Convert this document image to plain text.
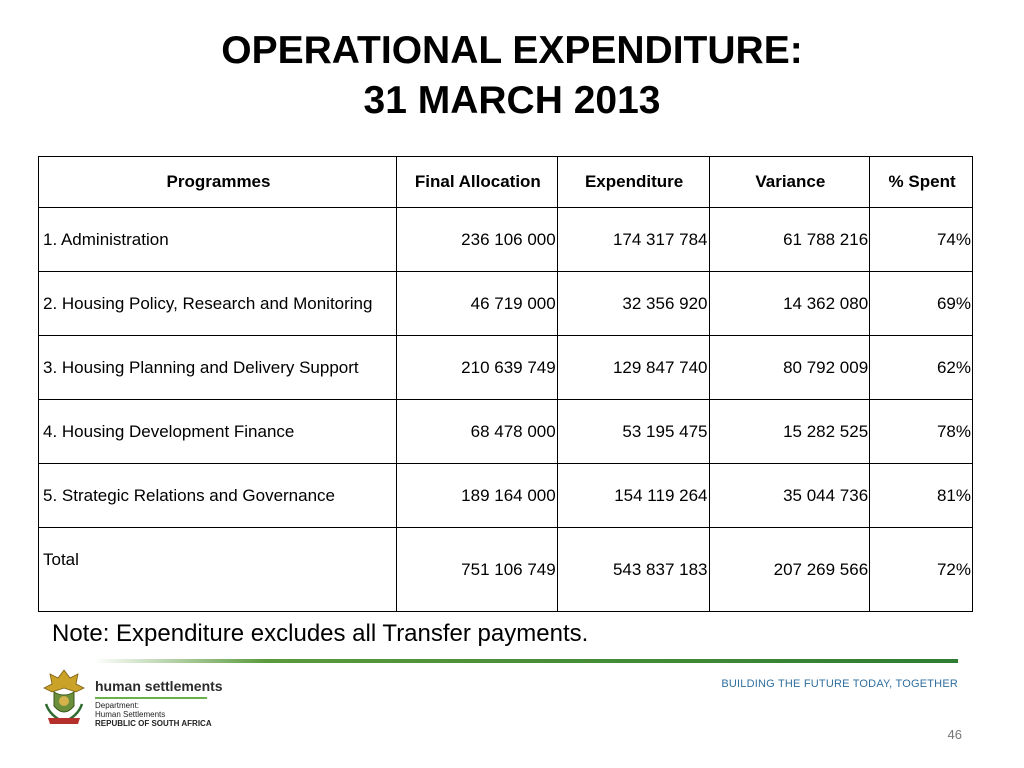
OPERATIONAL EXPENDITURE:
31 MARCH 2013
Programmes	Final Allocation	Expenditure	Variance	% Spent
1. Administration	236 106 000	174 317 784	61 788 216	74%
2. Housing Policy, Research and Monitoring	46 719 000	32 356 920	14 362 080	69%
3. Housing Planning and Delivery Support	210 639 749	129 847 740	80 792 009	62%
4. Housing Development Finance	68 478 000	53 195 475	15 282 525	78%
5. Strategic Relations and Governance	189 164 000	154 119 264	35 044 736	81%
Total	751 106 749	543 837 183	207 269 566	72%

Note: Expenditure excludes all Transfer payments.

human settlements
Department:
Human Settlements
REPUBLIC OF SOUTH AFRICA
BUILDING THE FUTURE TODAY, TOGETHER
46
